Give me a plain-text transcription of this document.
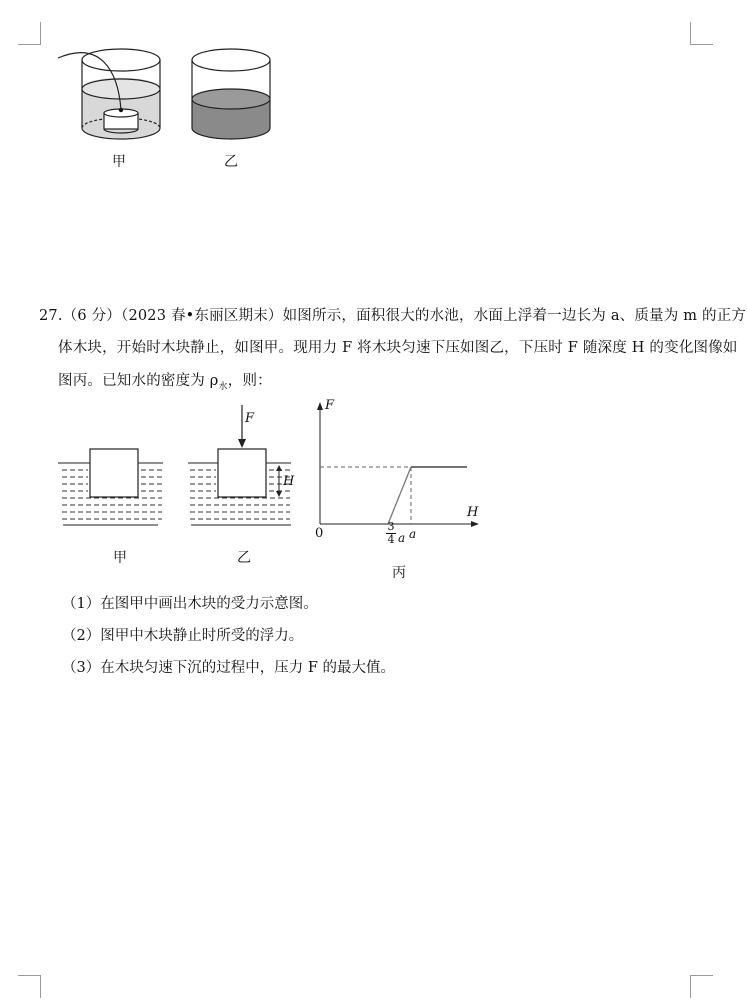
甲	乙
27.（6 分）（2023 春•东丽区期末）如图所示，面积很大的水池，水面上浮着一边长为 a、质量为 m 的正方
体木块，开始时木块静止，如图甲。现用力 F 将木块匀速下压如图乙，下压时 F 随深度 H 的变化图像如
图丙。已知水的密度为 $\rho_水$，则：
F
H
F
H
0	3
4 a a
甲	乙
丙
（1）在图甲中画出木块的受力示意图。
（2）图甲中木块静止时所受的浮力。
（3）在木块匀速下沉的过程中，压力 F 的最大值。
